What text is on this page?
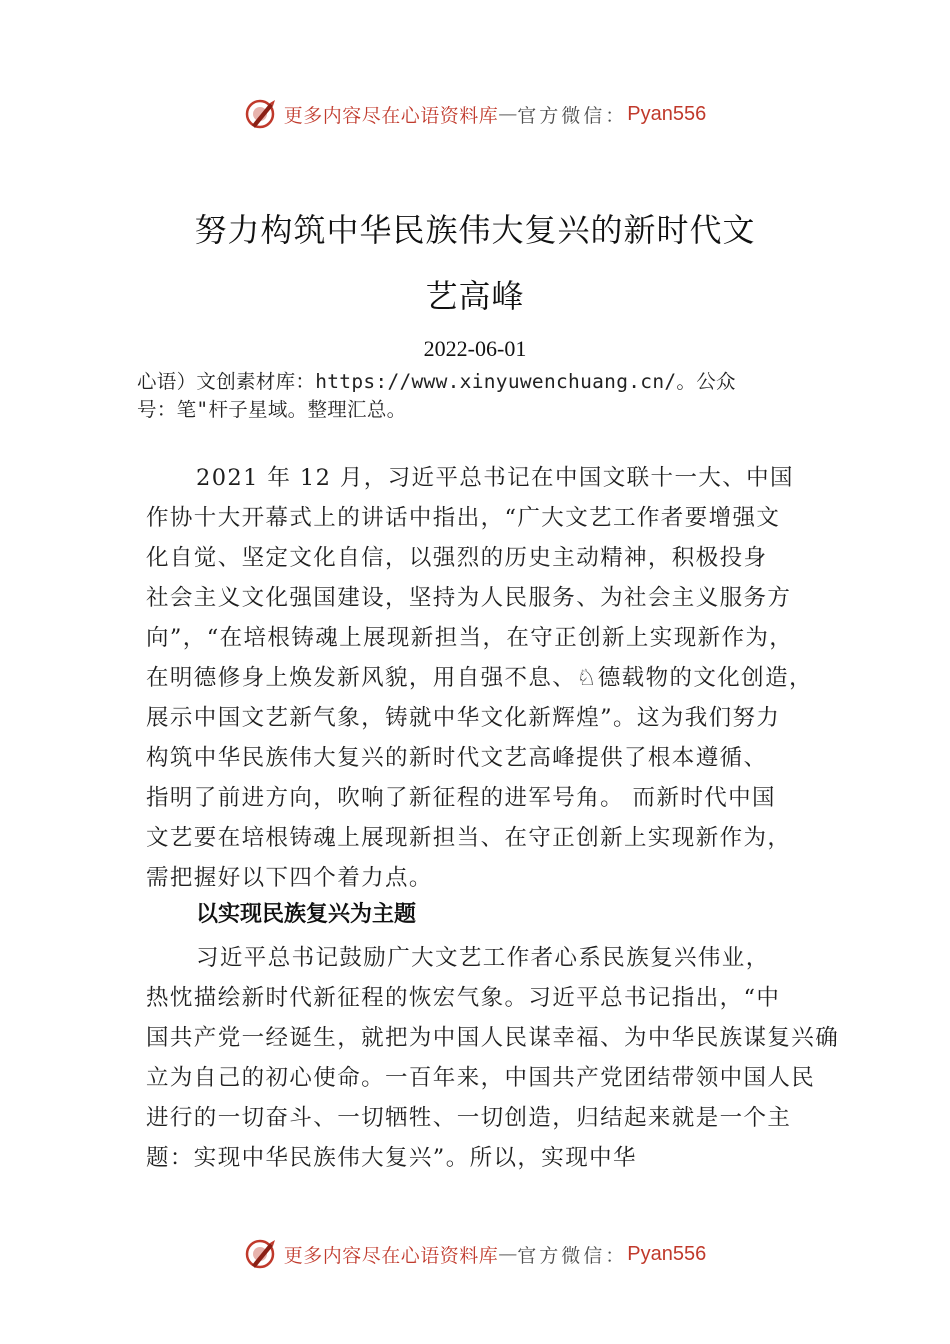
更多内容尽在心语资料库 — 官方微信： Pyan556
努力构筑中华民族伟大复兴的新时代文
艺高峰
2022-06-01
心语）文创素材库：https://www.xinyuwenchuang.cn/。公众
号：笔"杆子星域。整理汇总。
2021 年 12 月，习近平总书记在中国文联十一大、中国
作协十大开幕式上的讲话中指出，“广大文艺工作者要增强文
化自觉、坚定文化自信，以强烈的历史主动精神，积极投身
社会主义文化强国建设，坚持为人民服务、为社会主义服务方
向”，“在培根铸魂上展现新担当，在守正创新上实现新作为，
在明德修身上焕发新风貌，用自强不息、♘德载物的文化创造，
展示中国文艺新气象，铸就中华文化新辉煌”。这为我们努力
构筑中华民族伟大复兴的新时代文艺高峰提供了根本遵循、
指明了前进方向，吹响了新征程的进军号角。 而新时代中国
文艺要在培根铸魂上展现新担当、在守正创新上实现新作为，
需把握好以下四个着力点。
以实现民族复兴为主题
习近平总书记鼓励广大文艺工作者心系民族复兴伟业，
热忱描绘新时代新征程的恢宏气象。习近平总书记指出，“中
国共产党一经诞生，就把为中国人民谋幸福、为中华民族谋复兴确
立为自己的初心使命。一百年来，中国共产党团结带领中国人民
进行的一切奋斗、一切牺牲、一切创造，归结起来就是一个主
题：实现中华民族伟大复兴”。所以，实现中华
更多内容尽在心语资料库 — 官方微信： Pyan556
